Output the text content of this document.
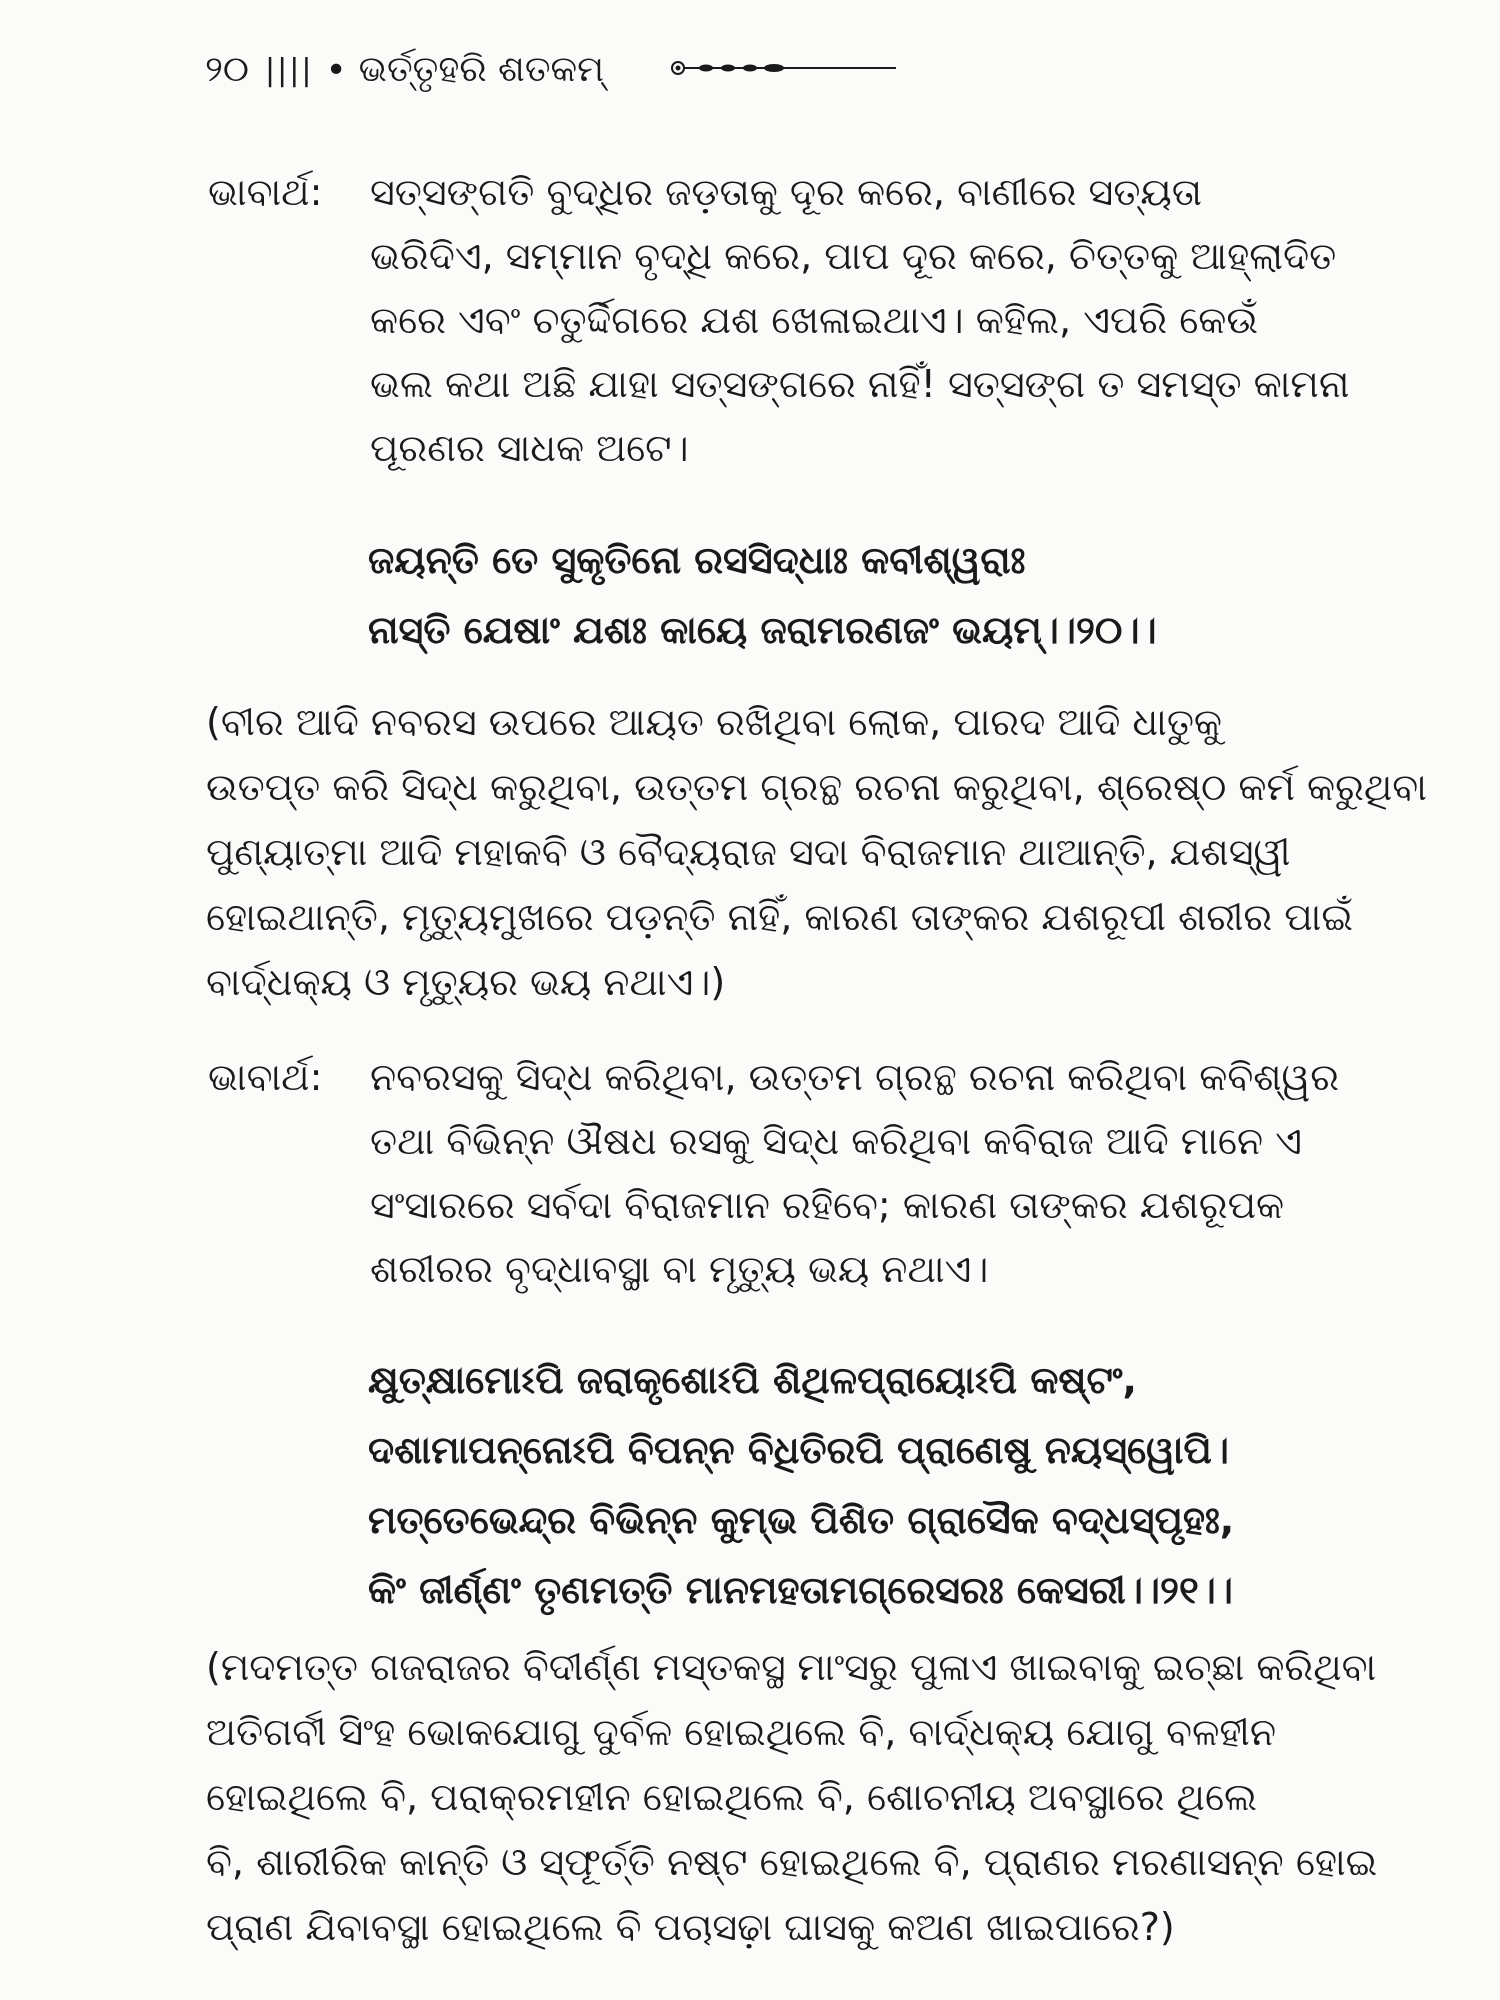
୨୦ |||| • ଭର୍ତ୍ତୃହରି ଶତକମ୍
ଭାବାର୍ଥ: ସତ୍‌ସଙ୍ଗତି ବୁଦ୍ଧିର ଜଡ଼ତାକୁ ଦୂର କରେ, ବାଣୀରେ ସତ୍ୟତା
ଭରିଦିଏ, ସମ୍ମାନ ବୃଦ୍ଧି କରେ, ପାପ ଦୂର କରେ, ଚିତ୍ତକୁ ଆହ୍ଲାଦିତ
କରେ ଏବଂ ଚତୁର୍ଦ୍ଦିଗରେ ଯଶ ଖେଳାଇଥାଏ। କହିଲ, ଏପରି କେଉଁ
ଭଲ କଥା ଅଛି ଯାହା ସତ୍‌ସଙ୍ଗରେ ନାହିଁ! ସତ୍‌ସଙ୍ଗ ତ ସମସ୍ତ କାମନା
ପୂରଣର ସାଧକ ଅଟେ।
ଜୟନ୍ତି ତେ ସୁକୃତିନୋ ରସସିଦ୍ଧାଃ କବୀଶ୍ୱରାଃ
ନାସ୍ତି ଯେଷାଂ ଯଶଃ କାୟେ ଜରାମରଣଜଂ ଭୟମ୍।।୨୦।।
(ବୀର ଆଦି ନବରସ ଉପରେ ଆୟତ ରଖିଥିବା ଲୋକ, ପାରଦ ଆଦି ଧାତୁକୁ
ଉତପ୍ତ କରି ସିଦ୍ଧ କରୁଥିବା, ଉତ୍ତମ ଗ୍ରନ୍ଥ ରଚନା କରୁଥିବା, ଶ୍ରେଷ୍ଠ କର୍ମ କରୁଥିବା
ପୁଣ୍ୟାତ୍ମା ଆଦି ମହାକବି ଓ ବୈଦ୍ୟରାଜ ସଦା ବିରାଜମାନ ଥାଆନ୍ତି, ଯଶସ୍ୱୀ
ହୋଇଥାନ୍ତି, ମୃତ୍ୟୁମୁଖରେ ପଡ଼ନ୍ତି ନାହିଁ, କାରଣ ତାଙ୍କର ଯଶରୂପୀ ଶରୀର ପାଇଁ
ବାର୍ଦ୍ଧକ୍ୟ ଓ ମୃତ୍ୟୁର ଭୟ ନଥାଏ।)
ଭାବାର୍ଥ: ନବରସକୁ ସିଦ୍ଧ କରିଥିବା, ଉତ୍ତମ ଗ୍ରନ୍ଥ ରଚନା କରିଥିବା କବିଶ୍ୱର
ତଥା ବିଭିନ୍ନ ଔଷଧ ରସକୁ ସିଦ୍ଧ କରିଥିବା କବିରାଜ ଆଦି ମାନେ ଏ
ସଂସାରରେ ସର୍ବଦା ବିରାଜମାନ ରହିବେ; କାରଣ ତାଙ୍କର ଯଶରୂପକ
ଶରୀରର ବୃଦ୍ଧାବସ୍ଥା ବା ମୃତ୍ୟୁ ଭୟ ନଥାଏ।
କ୍ଷୁତ୍‌କ୍ଷାମୋଽପି ଜରାକୃଶୋଽପି ଶିଥିଳପ୍ରାୟୋଽପି କଷ୍ଟଂ,
ଦଶାମାପନ୍ନୋଽପି ବିପନ୍ନ ବିଧିତିରପି ପ୍ରାଣେଷୁ ନୟସ୍ୱୋପି।
ମତ୍ତେଭେନ୍ଦ୍ର ବିଭିନ୍ନ କୁମ୍ଭ ପିଶିତ ଗ୍ରାସୈକ ବଦ୍ଧସ୍ପୃହଃ,
କିଂ ଜୀର୍ଣ୍ଣଂ ତୃଣମତ୍ତି ମାନମହତାମଗ୍ରେସରଃ କେସରୀ।।୨୧।।
(ମଦମତ୍ତ ଗଜରାଜର ବିଦୀର୍ଣ୍ଣ ମସ୍ତକସ୍ଥ ମାଂସରୁ ପୁଳାଏ ଖାଇବାକୁ ଇଚ୍ଛା କରିଥିବା
ଅତିଗର୍ବୀ ସିଂହ ଭୋକଯୋଗୁ ଦୁର୍ବଳ ହୋଇଥିଲେ ବି, ବାର୍ଦ୍ଧକ୍ୟ ଯୋଗୁ ବଳହୀନ
ହୋଇଥିଲେ ବି, ପରାକ୍ରମହୀନ ହୋଇଥିଲେ ବି, ଶୋଚନୀୟ ଅବସ୍ଥାରେ ଥିଲେ
ବି, ଶାରୀରିକ କାନ୍ତି ଓ ସ୍ଫୂର୍ତ୍ତି ନଷ୍ଟ ହୋଇଥିଲେ ବି, ପ୍ରାଣର ମରଣାସନ୍ନ ହୋଇ
ପ୍ରାଣ ଯିବାବସ୍ଥା ହୋଇଥିଲେ ବି ପଚାସଢ଼ା ଘାସକୁ କଅଣ ଖାଇପାରେ?)
